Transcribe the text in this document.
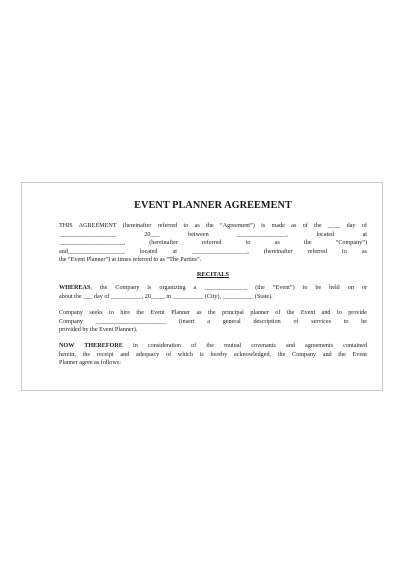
EVENT PLANNER AGREEMENT
THIS AGREEMENT (hereinafter referred to as the “Agreement”) is made as of the ____ day of
__________________, 20___ between ________________, located at
_____________________, (hereinafter referred to as the “Company”)
and__________________, located at __________________, (hereinafter referred to as
the “Event Planner”) at times referred to as “The Parties”.
RECITALS
WHEREAS, the Company is organizing a ______________ (the “Event”) to be held on or
about the ___ day of __________, 20____, in __________ (City), __________ (State).
Company seeks to hire the Event Planner as the principal planner of the Event and to provide
Company _______________________ (insert a general description of services to be
provided by the Event Planner).
NOW THEREFORE in consideration of the mutual covenants and agreements contained
herein, the receipt and adequacy of which is hereby acknowledged, the Company and the Event
Planner agree as follows:
